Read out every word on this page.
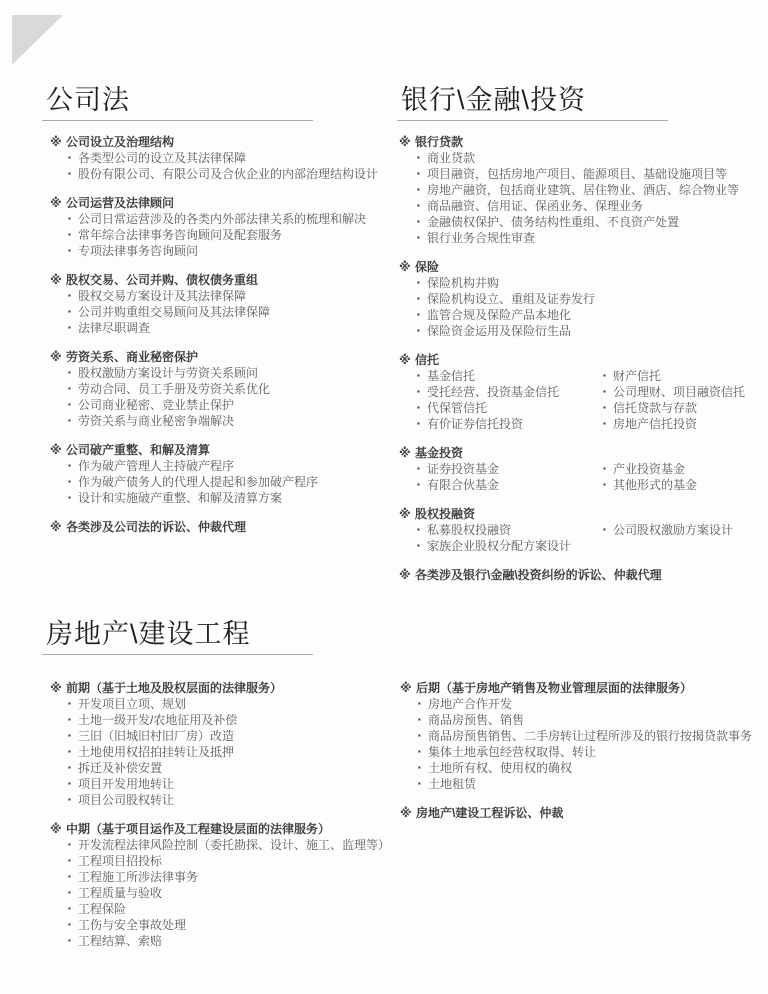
公司法
※ 公司设立及治理结构
▪ 各类型公司的设立及其法律保障
▪ 股份有限公司、有限公司及合伙企业的内部治理结构设计
※ 公司运营及法律顾问
▪ 公司日常运营涉及的各类内外部法律关系的梳理和解决
▪ 常年综合法律事务咨询顾问及配套服务
▪ 专项法律事务咨询顾问
※ 股权交易、公司并购、债权债务重组
▪ 股权交易方案设计及其法律保障
▪ 公司并购重组交易顾问及其法律保障
▪ 法律尽职调查
※ 劳资关系、商业秘密保护
▪ 股权激励方案设计与劳资关系顾问
▪ 劳动合同、员工手册及劳资关系优化
▪ 公司商业秘密、竞业禁止保护
▪ 劳资关系与商业秘密争端解决
※ 公司破产重整、和解及清算
▪ 作为破产管理人主持破产程序
▪ 作为破产债务人的代理人提起和参加破产程序
▪ 设计和实施破产重整、和解及清算方案
※ 各类涉及公司法的诉讼、仲裁代理
银行\金融\投资
※ 银行贷款
▪ 商业贷款
▪ 项目融资，包括房地产项目、能源项目、基础设施项目等
▪ 房地产融资，包括商业建筑、居住物业、酒店、综合物业等
▪ 商品融资、信用证、保函业务、保理业务
▪ 金融债权保护、债务结构性重组、不良资产处置
▪ 银行业务合规性审查
※ 保险
▪ 保险机构并购
▪ 保险机构设立、重组及证券发行
▪ 监管合规及保险产品本地化
▪ 保险资金运用及保险衍生品
※ 信托
▪ 基金信托
▪ 受托经营、投资基金信托
▪ 代保管信托
▪ 有价证券信托投资
▪ 财产信托
▪ 公司理财、项目融资信托
▪ 信托贷款与存款
▪ 房地产信托投资
※ 基金投资
▪ 证券投资基金
▪ 有限合伙基金
▪ 产业投资基金
▪ 其他形式的基金
※ 股权投融资
▪ 私募股权投融资
▪ 家族企业股权分配方案设计
▪ 公司股权激励方案设计
※ 各类涉及银行\金融\投资纠纷的诉讼、仲裁代理
房地产\建设工程
※ 前期（基于土地及股权层面的法律服务）
▪ 开发项目立项、规划
▪ 土地一级开发/农地征用及补偿
▪ 三旧（旧城旧村旧厂房）改造
▪ 土地使用权招拍挂转让及抵押
▪ 拆迁及补偿安置
▪ 项目开发用地转让
▪ 项目公司股权转让
※ 中期（基于项目运作及工程建设层面的法律服务）
▪ 开发流程法律风险控制（委托勘探、设计、施工、监理等）
▪ 工程项目招投标
▪ 工程施工所涉法律事务
▪ 工程质量与验收
▪ 工程保险
▪ 工伤与安全事故处理
▪ 工程结算、索赔
※ 后期（基于房地产销售及物业管理层面的法律服务）
▪ 房地产合作开发
▪ 商品房预售、销售
▪ 商品房预售销售、二手房转让过程所涉及的银行按揭贷款事务
▪ 集体土地承包经营权取得、转让
▪ 土地所有权、使用权的确权
▪ 土地租赁
※ 房地产\建设工程诉讼、仲裁
